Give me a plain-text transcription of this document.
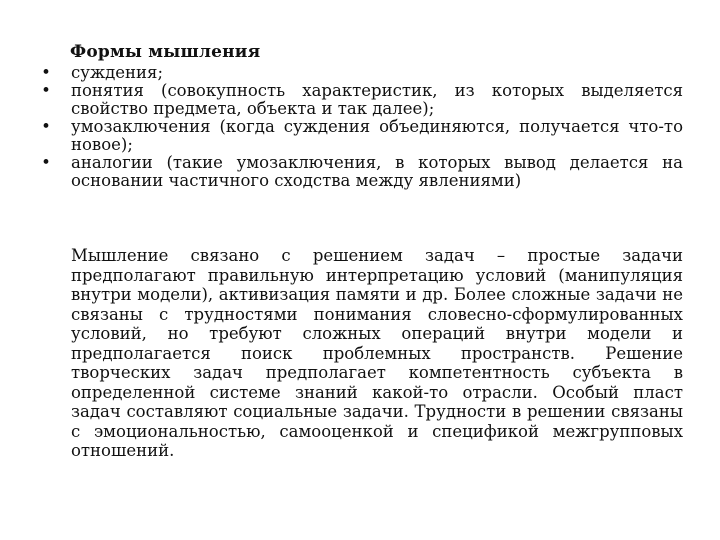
Формы мышления
•	суждения;
•	понятия (совокупность характеристик, из которых выделяется свойство предмета, объекта и так далее);
•	умозаключения (когда суждения объединяются, получается что-то новое);
•	аналогии (такие умозаключения, в которых вывод делается на основании частичного сходства между явлениями)

Мышление связано с решением задач – простые задачи предполагают правильную интерпретацию условий (манипуляция внутри модели), активизация памяти и др. Более сложные задачи не связаны с трудностями понимания словесно-сформулированных условий, но требуют сложных операций внутри модели и предполагается поиск проблемных пространств. Решение творческих задач предполагает компетентность субъекта в определенной системе знаний какой-то отрасли. Особый пласт задач составляют социальные задачи. Трудности в решении связаны с эмоциональностью, самооценкой и спецификой межгрупповых отношений.
